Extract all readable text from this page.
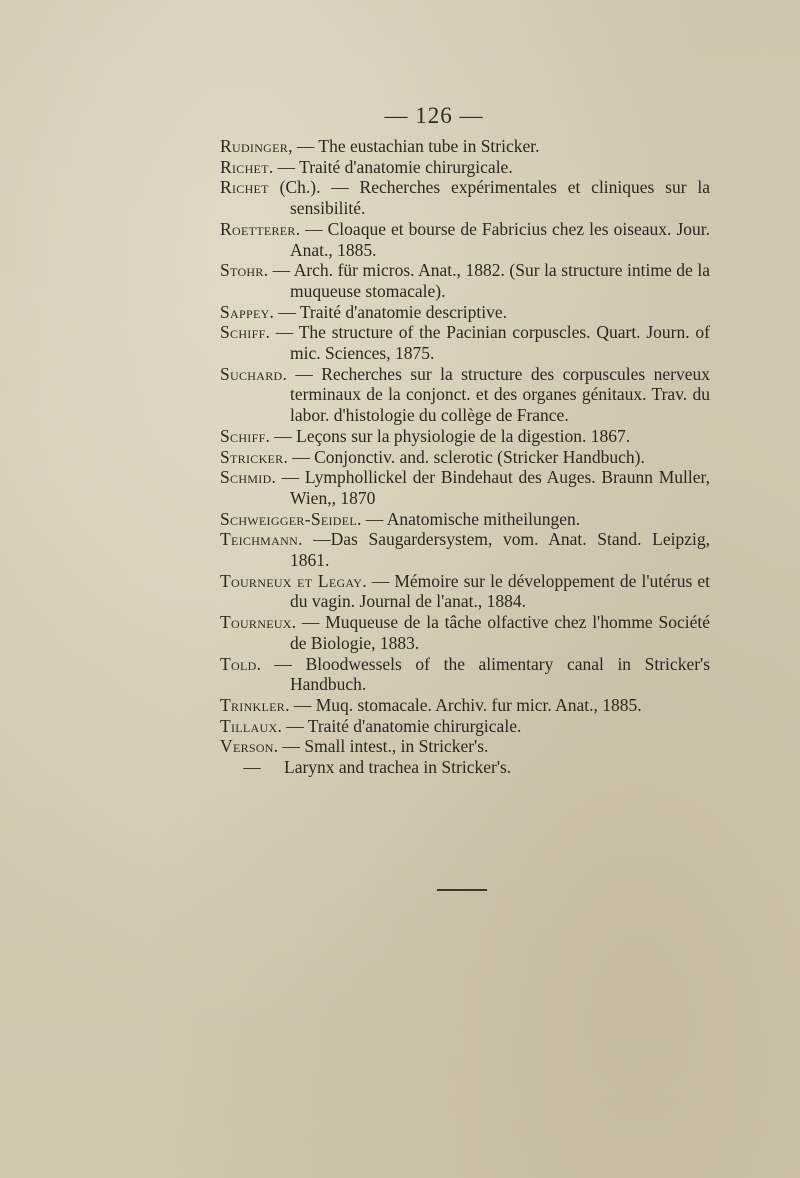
— 126 —
Rudinger, — The eustachian tube in Stricker.
Richet. — Traité d'anatomie chirurgicale.
Richet (Ch.). — Recherches expérimentales et cliniques sur la sensibilité.
Roetterer. — Cloaque et bourse de Fabricius chez les oiseaux. Jour. Anat., 1885.
Stohr. — Arch. für micros. Anat., 1882. (Sur la structure intime de la muqueuse stomacale).
Sappey. — Traité d'anatomie descriptive.
Schiff. — The structure of the Pacinian corpuscles. Quart. Journ. of mic. Sciences, 1875.
Suchard. — Recherches sur la structure des corpuscules nerveux terminaux de la conjonct. et des organes génitaux. Trav. du labor. d'histologie du collège de France.
Schiff. — Leçons sur la physiologie de la digestion. 1867.
Stricker. — Conjonctiv. and. sclerotic (Stricker Handbuch).
Schmid. — Lymphollickel der Bindehaut des Auges. Braunn Muller, Wien,, 1870
Schweigger-Seidel. — Anatomische mitheilungen.
Teichmann. —Das Saugardersystem, vom. Anat. Stand. Leipzig, 1861.
Tourneux et Legay. — Mémoire sur le développement de l'utérus et du vagin. Journal de l'anat., 1884.
Tourneux. — Muqueuse de la tâche olfactive chez l'homme Société de Biologie, 1883.
Told. — Bloodwessels of the alimentary canal in Stricker's Handbuch.
Trinkler. — Muq. stomacale. Archiv. fur micr. Anat., 1885.
Tillaux. — Traité d'anatomie chirurgicale.
Verson. — Small intest., in Stricker's.
— Larynx and trachea in Stricker's.
